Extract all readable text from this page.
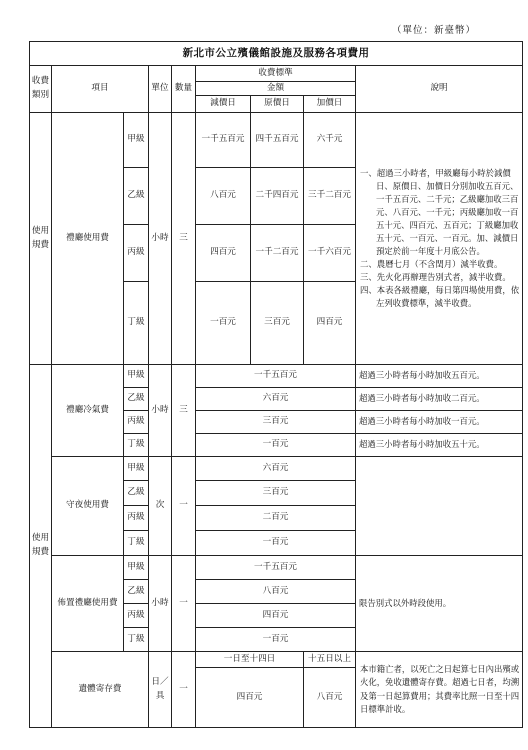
（單位：新臺幣）
新北市公立殯儀館設施及服務各項費用								
收費類別	項目		單位	數量	收費標準			說明
					金額			
					減價日	原價日	加價日	
使用規費	禮廳使用費	甲級	小時	三	一千五百元	四千五百元	六千元	一、超過三小時者，甲級廳每小時於減價日、原價日、加價日分別加收五百元、一千五百元、二千元；乙級廳加收三百元、八百元、一千元；丙級廳加收一百五十元、四百元、五百元；丁級廳加收五十元、一百元、一百元。加、減價日預定於前一年度十月底公告。

二、農曆七月（不含閏月）減半收費。

三、先火化再辦理告別式者，減半收費。

四、本表各級禮廳，每日第四場使用費，依左列收費標準，減半收費。

		乙級			八百元	二千四百元	三千二百元	
		丙級			四百元	一千二百元	一千六百元	
		丁級			一百元	三百元	四百元	
使用規費	禮廳冷氣費	甲級	小時	三	一千五百元			超過三小時者每小時加收五百元。
		乙級			六百元			超過三小時者每小時加收二百元。
		丙級			三百元			超過三小時者每小時加收一百元。
		丁級			一百元			超過三小時者每小時加收五十元。
	守夜使用費	甲級	次	一	六百元			
		乙級			三百元			
		丙級			二百元			
		丁級			一百元			
	佈置禮廳使用費	甲級	小時	一	一千五百元			限告別式以外時段使用。
		乙級			八百元			
		丙級			四百元			
		丁級			一百元			
	遺體寄存費		日／具	一	一日至十四日		十五日以上	本市籍亡者，以死亡之日起算七日內出殯或火化，免收遺體寄存費。超過七日者，均溯及第一日起算費用；其費率比照一日至十四日標準計收。
					四百元		八百元	
